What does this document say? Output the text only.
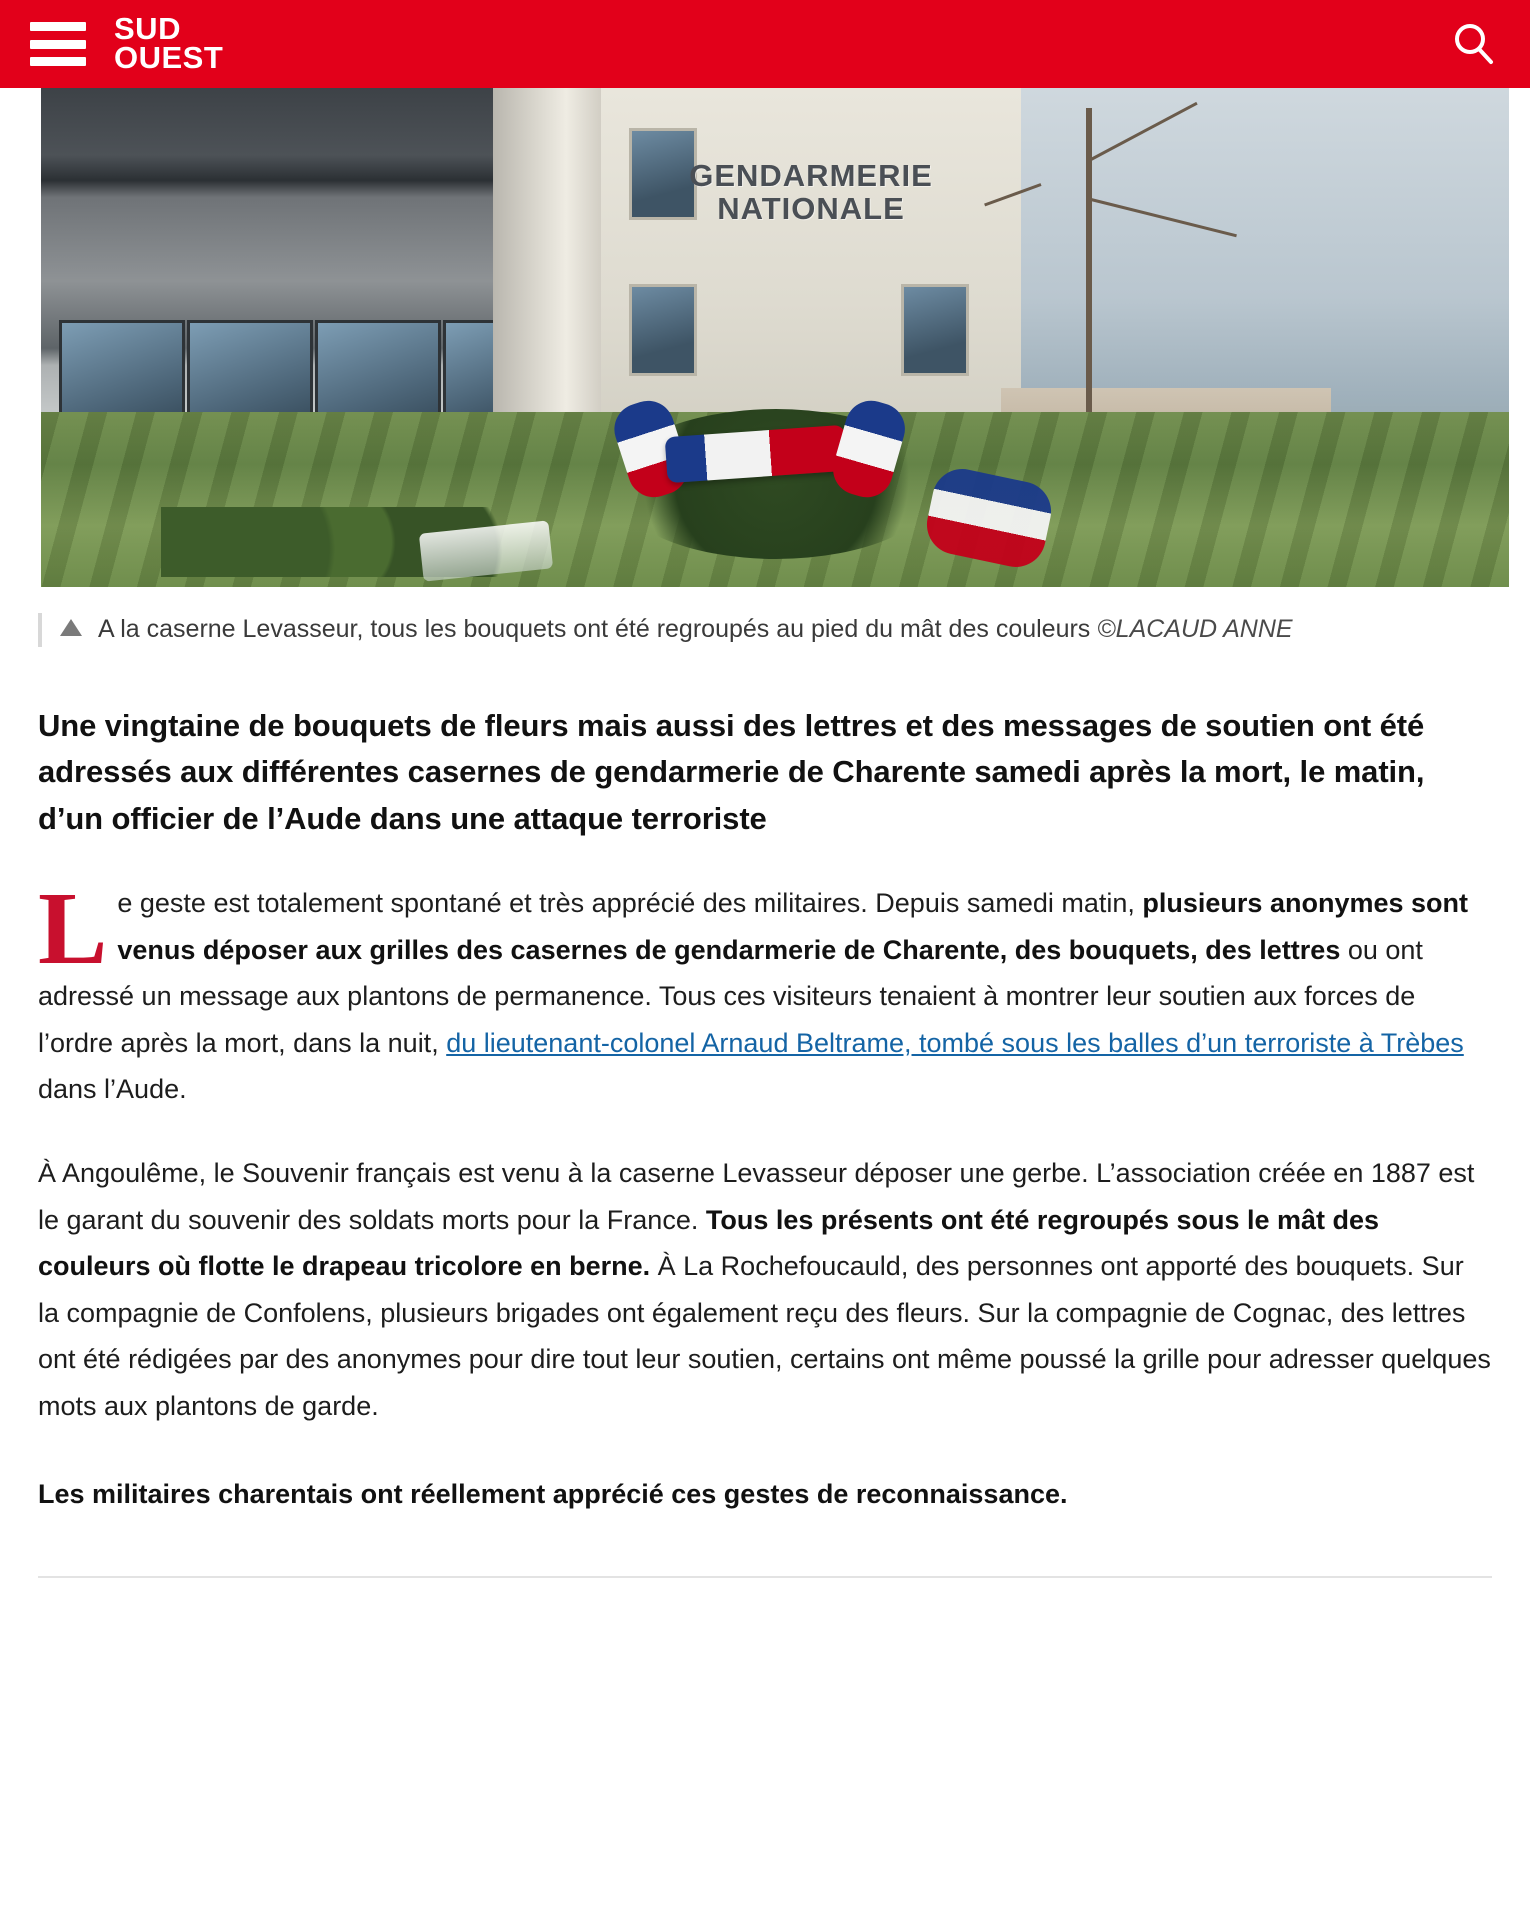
SUD
OUEST
GENDARMERIE
NATIONALE
A la caserne Levasseur, tous les bouquets ont été regroupés au pied du mât des couleurs ©LACAUD ANNE
Une vingtaine de bouquets de fleurs mais aussi des lettres et des messages de soutien ont été adressés aux différentes casernes de gendarmerie de Charente samedi après la mort, le matin, d’un officier de l’Aude dans une attaque terroriste

Le geste est totalement spontané et très apprécié des militaires. Depuis samedi matin, plusieurs anonymes sont venus déposer aux grilles des casernes de gendarmerie de Charente, des bouquets, des lettres ou ont adressé un message aux plantons de permanence. Tous ces visiteurs tenaient à montrer leur soutien aux forces de l’ordre après la mort, dans la nuit, du lieutenant-colonel Arnaud Beltrame, tombé sous les balles d’un terroriste à Trèbes dans l’Aude.

À Angoulême, le Souvenir français est venu à la caserne Levasseur déposer une gerbe. L’association créée en 1887 est le garant du souvenir des soldats morts pour la France. Tous les présents ont été regroupés sous le mât des couleurs où flotte le drapeau tricolore en berne. À La Rochefoucauld, des personnes ont apporté des bouquets. Sur la compagnie de Confolens, plusieurs brigades ont également reçu des fleurs. Sur la compagnie de Cognac, des lettres ont été rédigées par des anonymes pour dire tout leur soutien, certains ont même poussé la grille pour adresser quelques mots aux plantons de garde.

Les militaires charentais ont réellement apprécié ces gestes de reconnaissance.
